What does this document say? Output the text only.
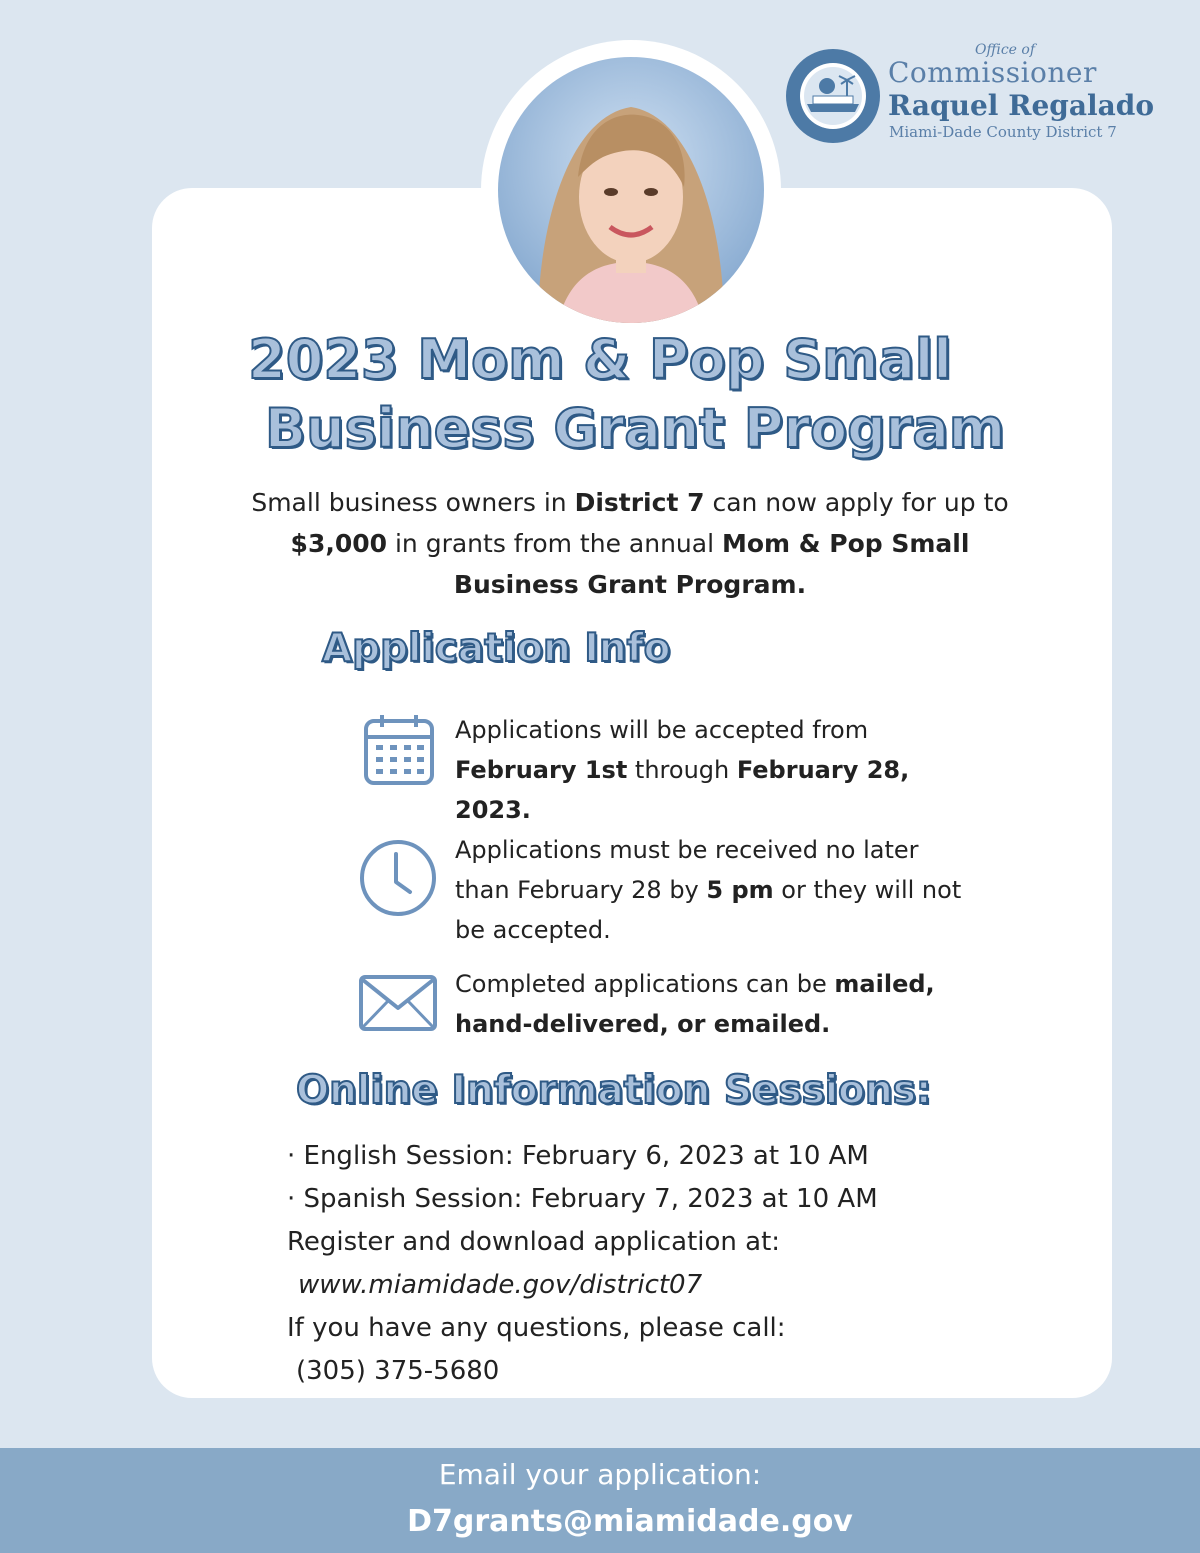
Office of
Commissioner
Raquel Regalado
Miami-Dade County District 7
2023 Mom & Pop Small
Business Grant Program
Small business owners in District 7 can now apply for up to $3,000 in grants from the annual Mom & Pop Small Business Grant Program.
Application Info
Applications will be accepted from February 1st through February 28, 2023.
Applications must be received no later than February 28 by 5 pm or they will not be accepted.
Completed applications can be mailed, hand-delivered, or emailed.
Online Information Sessions:
· English Session: February 6, 2023 at 10 AM
· Spanish Session: February 7, 2023 at 10 AM
Register and download application at:
www.miamidade.gov/district07
If you have any questions, please call:
(305) 375-5680
Email your application:
D7grants@miamidade.gov
